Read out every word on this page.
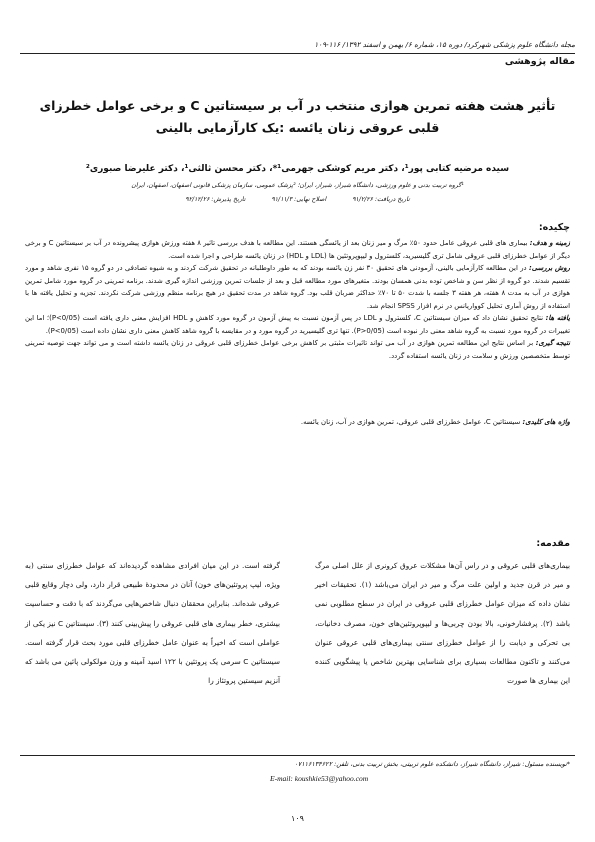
مجله دانشگاه علوم پزشکی شهرکرد/ دوره ۱۵، شماره ۶/ بهمن و اسفند ۱۳۹۲/ ۱۱۶-۱۰۹
مقاله پژوهشی
تأثیر هشت هفته تمرین هوازی منتخب در آب بر سیستاتین C و برخی عوامل خطرزای
قلبی عروقی زنان یائسه :یک کارآزمایی بالینی
سیده مرضیه کتابی پور¹، دکتر مریم کوشکی جهرمی¹*، دکتر محسن ثالثی¹، دکتر علیرضا صبوری²
¹گروه تربیت بدنی و علوم ورزشی، دانشگاه شیراز، شیراز، ایران؛ ²پزشک عمومی، سازمان پزشکی قانونی اصفهان، اصفهان، ایران
تاریخ دریافت: ۹۱/۲/۲۶ اصلاح نهایی: ۹۱/۱۱/۳ تاریخ پذیرش: ۹۲/۱۲/۲۶
چکیده:

زمینه و هدف: بیماری های قلبی عروقی عامل حدود ۵۰٪ مرگ و میر زنان بعد از یائسگی هستند. این مطالعه با هدف بررسی تاثیر ۸ هفته ورزش هوازی پیشرونده در آب بر سیستاتین C و برخی دیگر از عوامل خطرزای قلبی عروقی شامل تری گلیسیرید، کلسترول و لیپوپروتئین ها (LDL و HDL) در زنان یائسه طراحی و اجرا شده است.

روش بررسی: در این مطالعه کارآزمایی بالینی، آزمودنی های تحقیق ۳۰ نفر زن یائسه بودند که به طور داوطلبانه در تحقیق شرکت کردند و به شیوه تصادفی در دو گروه ۱۵ نفری شاهد و مورد تقسیم شدند. دو گروه از نظر سن و شاخص توده بدنی همسان بودند. متغیرهای مورد مطالعه قبل و بعد از جلسات تمرین ورزشی اندازه گیری شدند. برنامه تمرینی در گروه مورد شامل تمرین هوازی در آب به مدت ۸ هفته، هر هفته ۳ جلسه با شدت ۵۰ تا ۷۰٪ حداکثر ضربان قلب بود. گروه شاهد در مدت تحقیق در هیچ برنامه منظم ورزشی شرکت نکردند. تجزیه و تحلیل یافته ها با استفاده از روش آماری تحلیل کوواریانس در نرم افزار SPSS انجام شد.

یافته ها: نتایج تحقیق نشان داد که میزان سیستاتین C، کلسترول و LDL در پس آزمون نسبت به پیش آزمون در گروه مورد کاهش و HDL افزایش معنی داری یافته است (P<0/05)؛ اما این تغییرات در گروه مورد نسبت به گروه شاهد معنی دار نبوده است (P>0/05). تنها تری گلیسیرید در گروه مورد و در مقایسه با گروه شاهد کاهش معنی داری نشان داده است (P<0/05).

نتیجه گیری: بر اساس نتایج این مطالعه تمرین هوازی در آب می تواند تاثیرات مثبتی بر کاهش برخی عوامل خطرزای قلبی عروقی در زنان یائسه داشته است و می تواند جهت توصیه تمرینی توسط متخصصین ورزش و سلامت در زنان یائسه استفاده گردد.

واژه های کلیدی: سیستاتین C، عوامل خطرزای قلبی عروقی، تمرین هوازی در آب، زنان یائسه.
مقدمه:
بیماری‌های قلبی عروقی و در راس آن‌ها مشکلات عروق کرونری از علل اصلی مرگ و میر در قرن جدید و اولین علت مرگ و میر در ایران می‌باشد (۱). تحقیقات اخیر نشان داده که میزان عوامل خطرزای قلبی عروقی در ایران در سطح مطلوبی نمی باشد (۲). پرفشارخونی، بالا بودن چربی‌ها و لیپوپروتئین‌های خون، مصرف دخانیات، بی تحرکی و دیابت را از عوامل خطرزای سنتی بیماری‌های قلبی عروقی عنوان می‌کنند و تاکنون مطالعات بسیاری برای شناسایی بهترین شاخص یا پیشگویی کننده این بیماری ها صورت
گرفته است. در این میان افرادی مشاهده گردیده‌اند که عوامل خطرزای سنتی (به ویژه، لیپ پروتئین‌های خون) آنان در محدودهٔ طبیعی قرار دارد، ولی دچار وقایع قلبی عروقی شده‌اند. بنابراین محققان دنبال شاخص‌هایی می‌گردند که با دقت و حساسیت بیشتری، خطر بیماری های قلبی عروقی را پیش‌بینی کنند (۳). سیستاتین C نیز یکی از عواملی است که اخیراً به عنوان عامل خطرزای قلبی مورد بحث قرار گرفته است. سیستاتین C سرمی یک پروتئین با ۱۲۲ اسید آمینه و وزن مولکولی پائین می باشد که آنزیم سیستین پروتئاز را
*نویسنده مسئول: شیراز، دانشگاه شیراز، دانشکده علوم تربیتی، بخش تربیت بدنی، تلفن: ۰۷۱۱۶۱۳۴۶۲۲
E-mail: koushkie53@yahoo.com
۱۰۹
